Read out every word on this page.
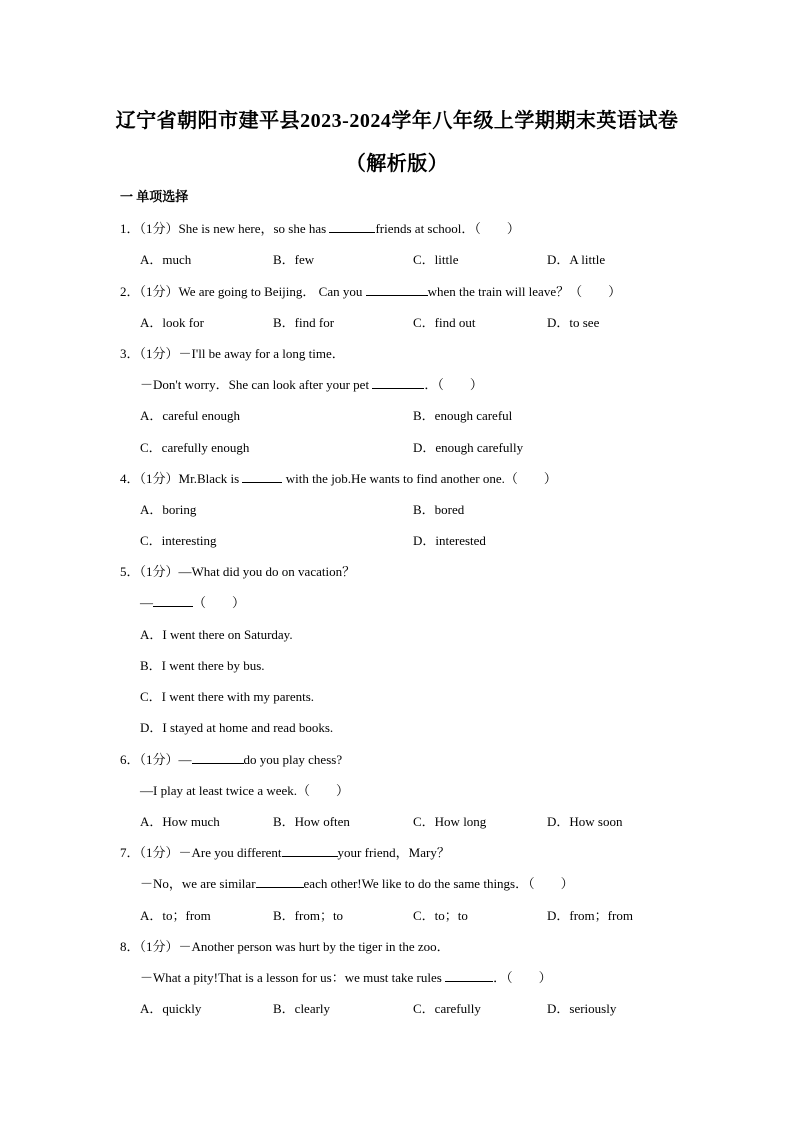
辽宁省朝阳市建平县2023-2024学年八年级上学期期末英语试卷
（解析版）
一 单项选择
1．（1分）She is new here，so she has	friends at school．（　　）
A．much	B．few	C．little	D．A little
2．（1分）We are going to Beijing． Can you	when the train will leave？（　　）
A．look for	B．find for	C．find out	D．to see
3．（1分）－I'll be away for a long time．
－Don't worry．She can look after your pet	．（　　）
A．careful enough	B．enough careful
C．carefully enough	D．enough carefully
4．（1分）Mr.Black is	with the job.He wants to find another one.（　　）
A．boring	B．bored
C．interesting	D．interested
5．（1分）—What did you do on vacation？
—	（　　）
A．I went there on Saturday.
B．I went there by bus.
C．I went there with my parents.
D．I stayed at home and read books.
6．（1分）—	do you play chess?
—I play at least twice a week.（　　）
A．How much	B．How often	C．How long	D．How soon
7．（1分）－Are you different	your friend，Mary？
－No，we are similar	each other!We like to do the same things．（　　）
A．to；from	B．from；to	C．to；to	D．from；from
8．（1分）－Another person was hurt by the tiger in the zoo．
－What a pity!That is a lesson for us：we must take rules	．（　　）
A．quickly	B．clearly	C．carefully	D．seriously
